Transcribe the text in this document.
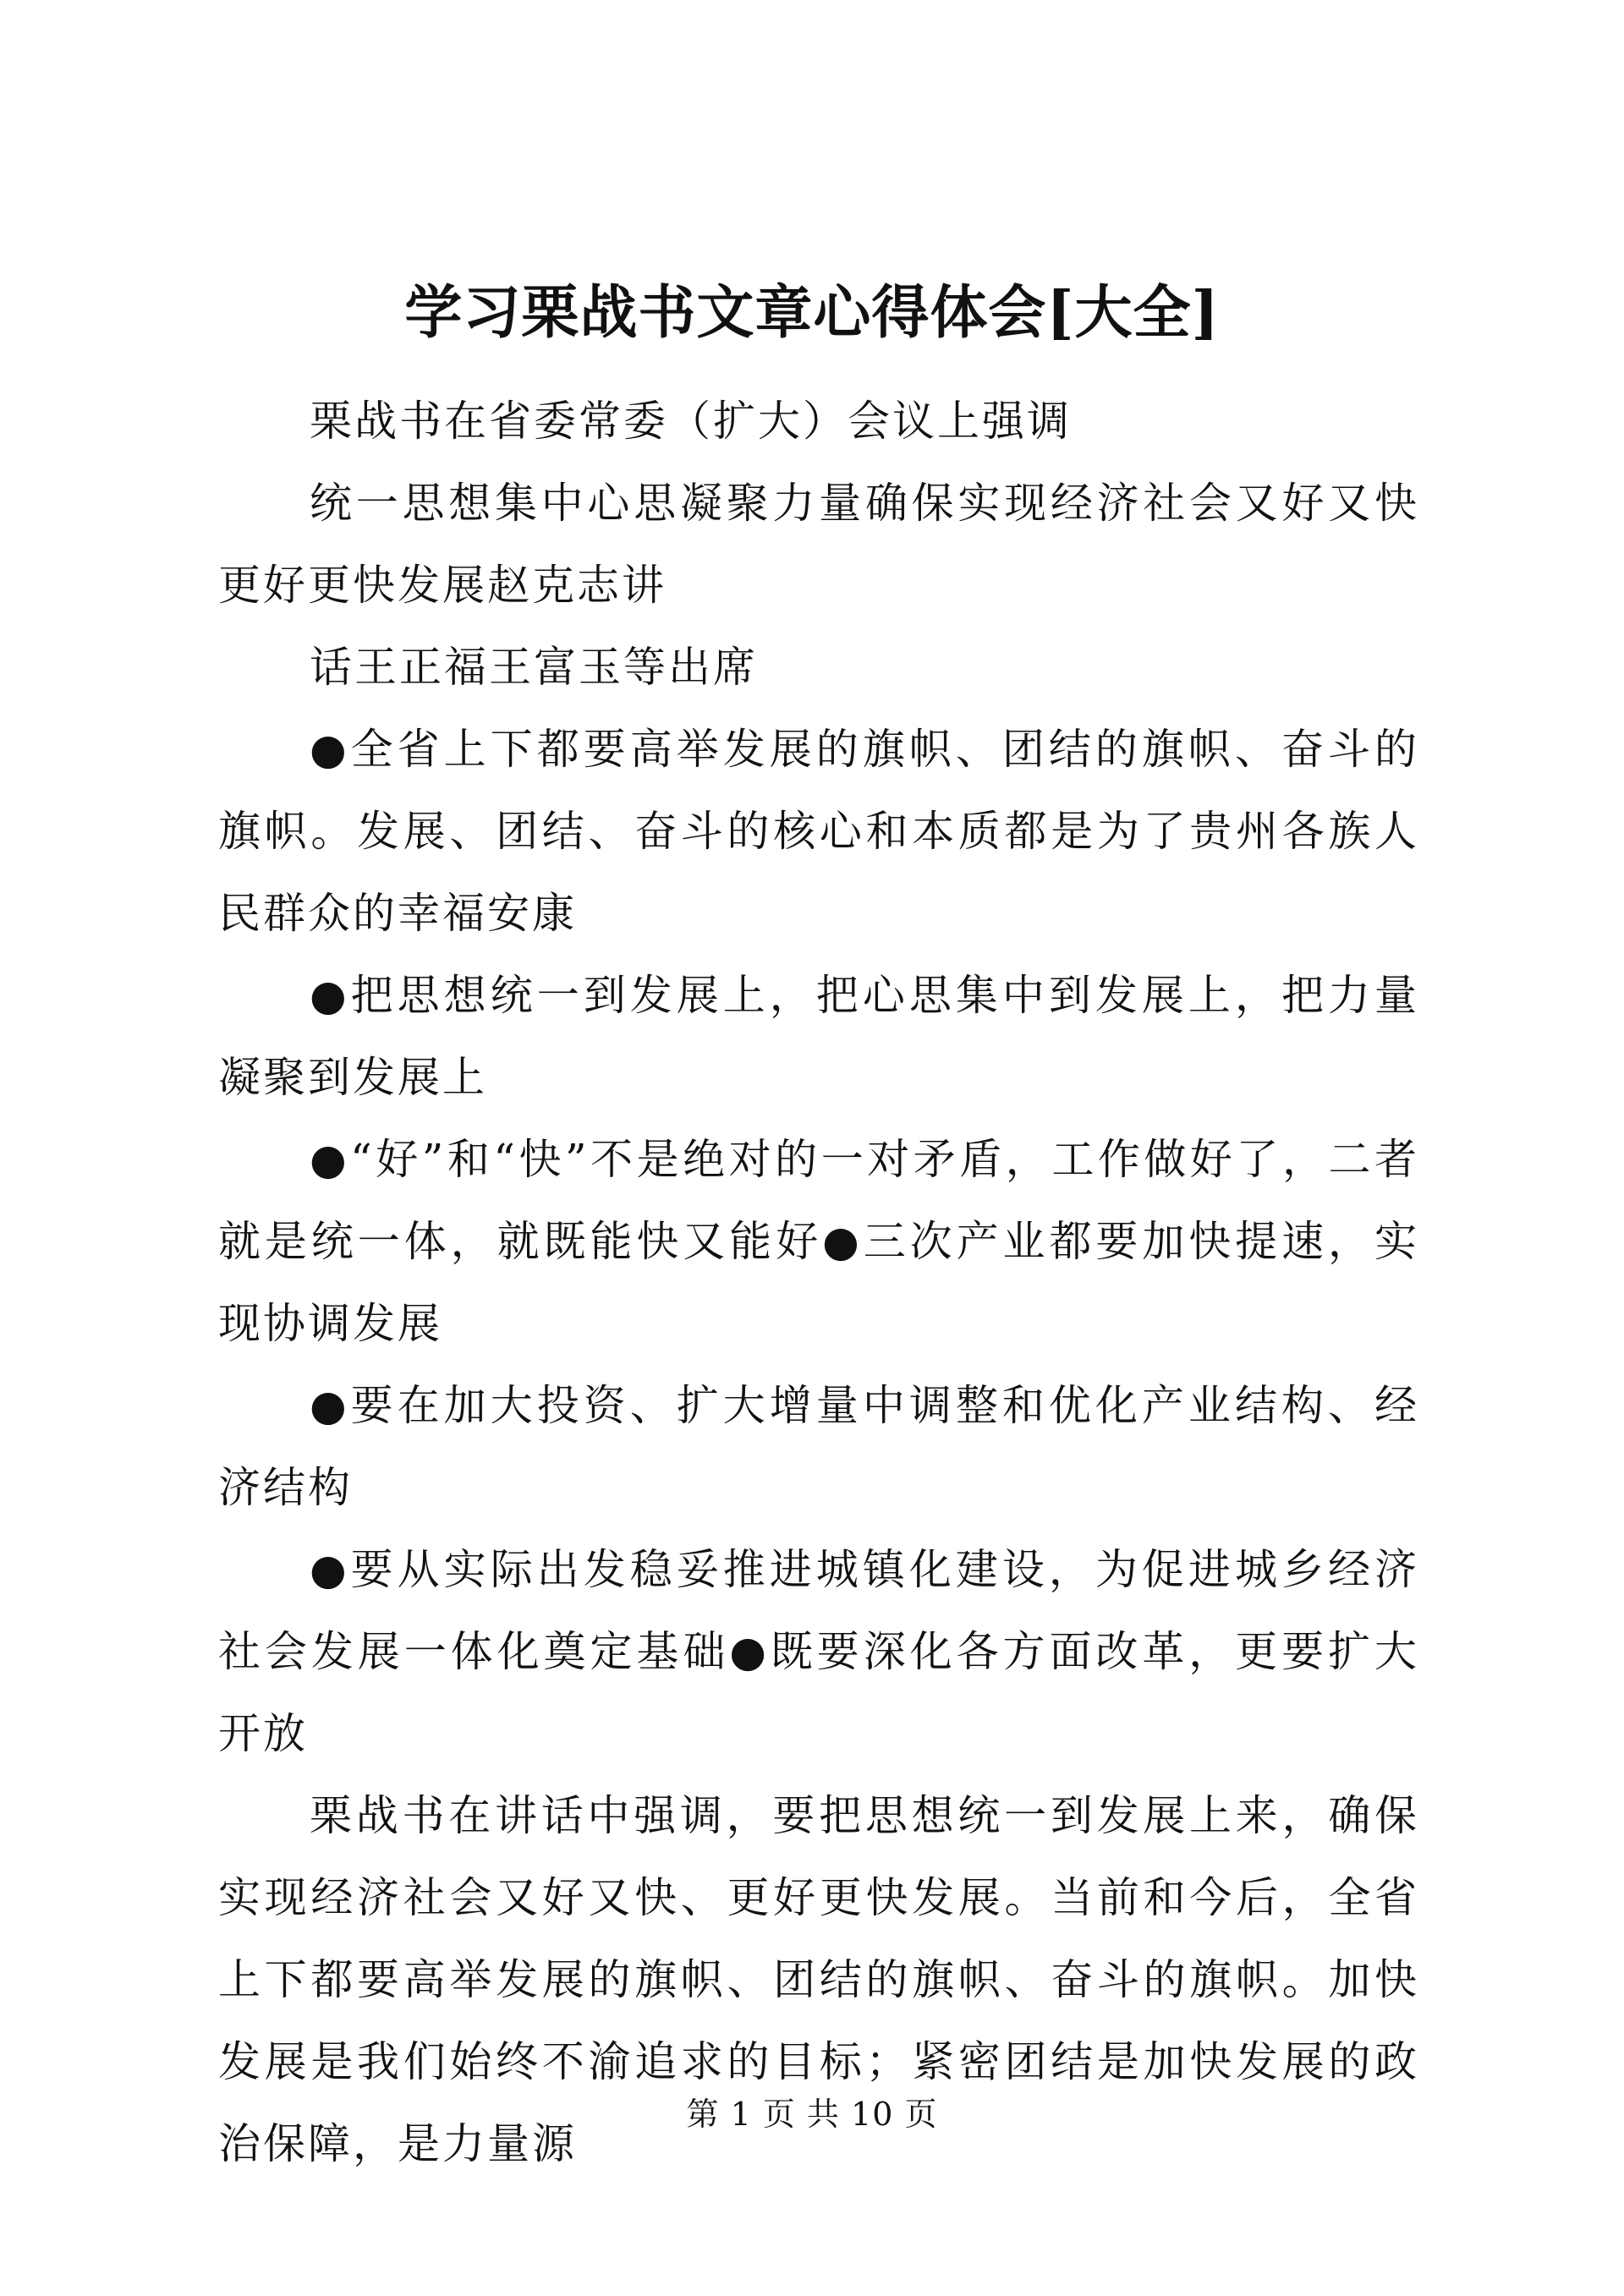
学习栗战书文章心得体会[大全]

栗战书在省委常委（扩大）会议上强调

统一思想集中心思凝聚力量确保实现经济社会又好又快更好更快发展赵克志讲

话王正福王富玉等出席

●全省上下都要高举发展的旗帜、团结的旗帜、奋斗的旗帜。发展、团结、奋斗的核心和本质都是为了贵州各族人民群众的幸福安康

●把思想统一到发展上，把心思集中到发展上，把力量凝聚到发展上

●“好”和“快”不是绝对的一对矛盾，工作做好了，二者就是统一体，就既能快又能好●三次产业都要加快提速，实现协调发展

●要在加大投资、扩大增量中调整和优化产业结构、经济结构

●要从实际出发稳妥推进城镇化建设，为促进城乡经济社会发展一体化奠定基础●既要深化各方面改革，更要扩大开放

栗战书在讲话中强调，要把思想统一到发展上来，确保实现经济社会又好又快、更好更快发展。当前和今后，全省上下都要高举发展的旗帜、团结的旗帜、奋斗的旗帜。加快发展是我们始终不渝追求的目标；紧密团结是加快发展的政治保障，是力量源

第 1 页 共 10 页
